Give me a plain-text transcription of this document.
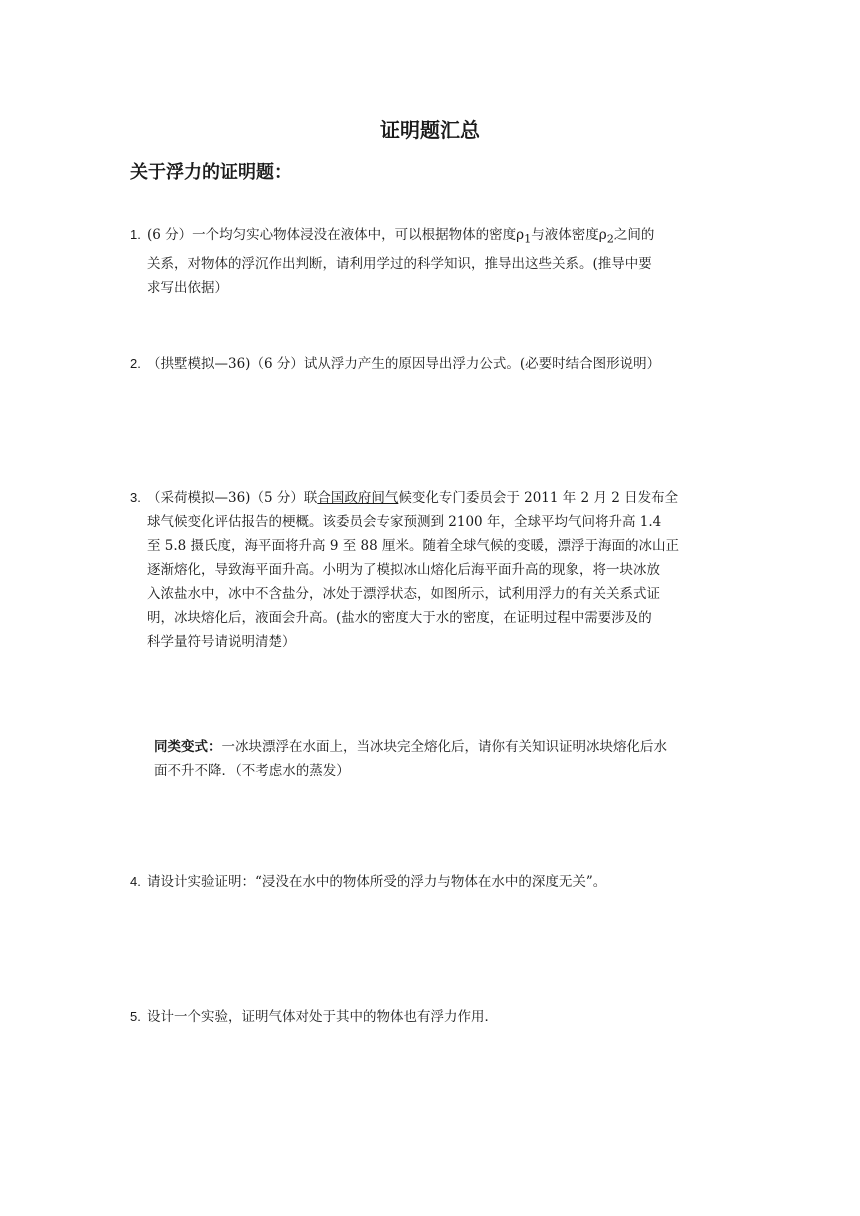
证明题汇总
关于浮力的证明题：
1. (6 分）一个均匀实心物体浸没在液体中，可以根据物体的密度$\rho_1$与液体密度$\rho_2$之间的

关系，对物体的浮沉作出判断，请利用学过的科学知识，推导出这些关系。(推导中要

求写出依据）

2. （拱墅模拟—36)（6 分）试从浮力产生的原因导出浮力公式。(必要时结合图形说明）

3. （采荷模拟—36)（5 分）联合国政府间气候变化专门委员会于 2011 年 2 月 2 日发布全

球气候变化评估报告的梗概。该委员会专家预测到 2100 年，全球平均气问将升高 1.4

至 5.8 摄氏度，海平面将升高 9 至 88 厘米。随着全球气候的变暖，漂浮于海面的冰山正

逐渐熔化，导致海平面升高。小明为了模拟冰山熔化后海平面升高的现象，将一块冰放

入浓盐水中，冰中不含盐分，冰处于漂浮状态，如图所示，试利用浮力的有关关系式证

明，冰块熔化后，液面会升高。(盐水的密度大于水的密度，在证明过程中需要涉及的

科学量符号请说明清楚）

同类变式：一冰块漂浮在水面上，当冰块完全熔化后，请你有关知识证明冰块熔化后水

面不升不降．（不考虑水的蒸发）

4. 请设计实验证明：“浸没在水中的物体所受的浮力与物体在水中的深度无关”。

5. 设计一个实验，证明气体对处于其中的物体也有浮力作用．
